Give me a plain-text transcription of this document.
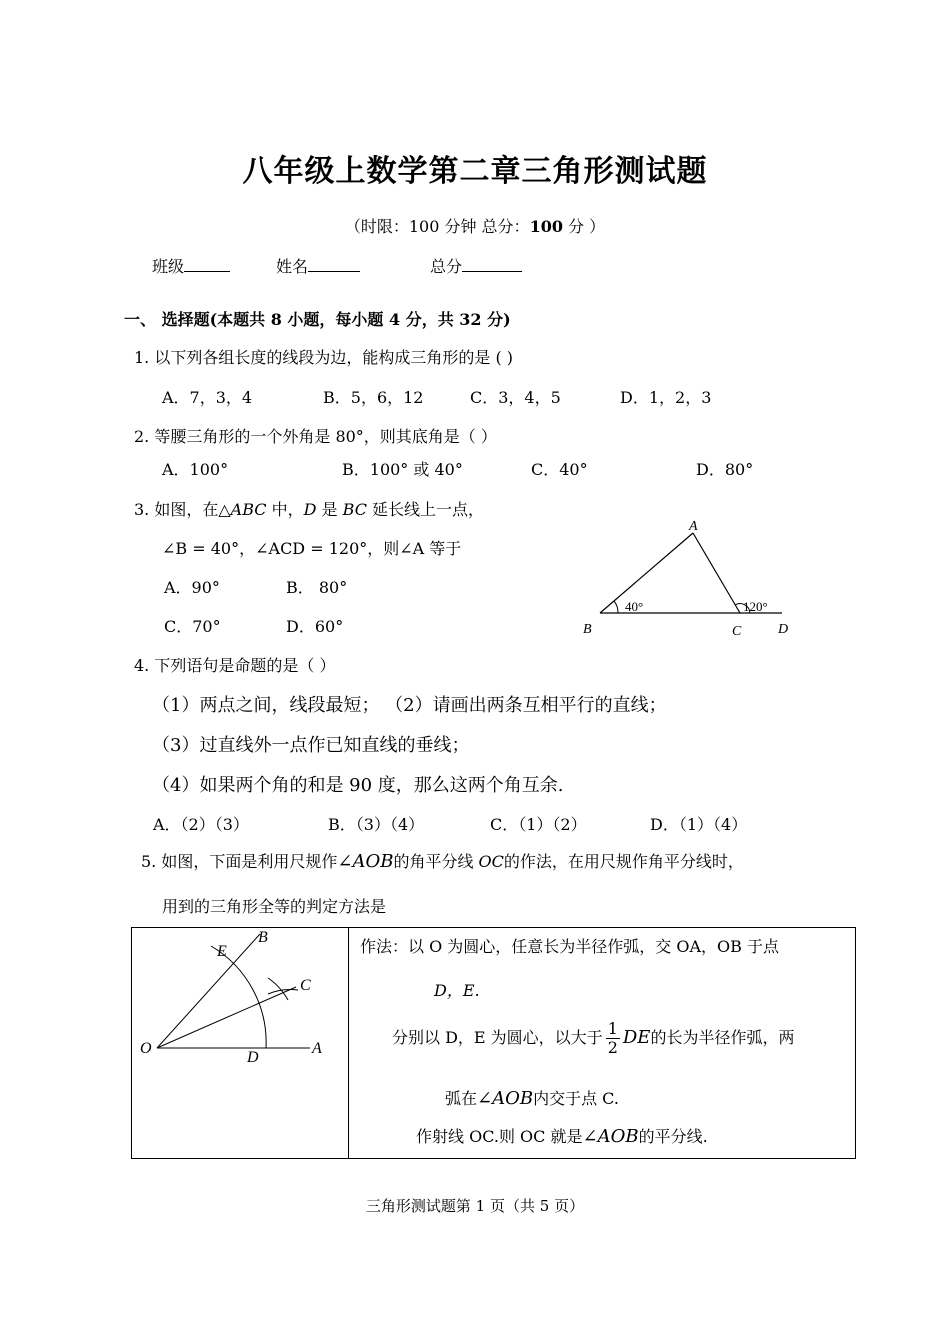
八年级上数学第二章三角形测试题
（时限：100 分钟 总分：100 分 ）
班级	姓名	总分
一、 选择题(本题共 8 小题，每小题 4 分，共 32 分)
1. 以下列各组长度的线段为边，能构成三角形的是 ( )
A．7，3，4	B．5，6，12	C．3，4，5	D．1，2，3
2. 等腰三角形的一个外角是 80°，则其底角是（ ）
A．100°	B．100° 或 40°	C．40°	D．80°
3. 如图，在△ABC 中，D 是 BC 延长线上一点，
∠B = 40°，∠ACD = 120°，则∠A 等于
A．90°	B． 80°
C．70°	D．60°
A
B	C	D
40°	120°
4. 下列语句是命题的是（ ）
（1）两点之间，线段最短； （2）请画出两条互相平行的直线；
（3）过直线外一点作已知直线的垂线；
（4）如果两个角的和是 90 度，那么这两个角互余.
A．（2）（3）	B．（3）（4）	C．（1）（2）	D．（1）（4）
5. 如图，下面是利用尺规作∠AOB的角平分线 OC的作法，在用尺规作角平分线时，
用到的三角形全等的判定方法是
O	A
B
C
D
E	作法：以 O 为圆心，任意长为半径作弧，交 OA，OB 于点
D，E.
分别以 D，E 为圆心，以大于 $\frac{1}{2}$ DE的长为半径作弧，两
弧在∠AOB内交于点 C.
作射线 OC.则 OC 就是∠AOB的平分线.
三角形测试题第 1 页（共 5 页）
